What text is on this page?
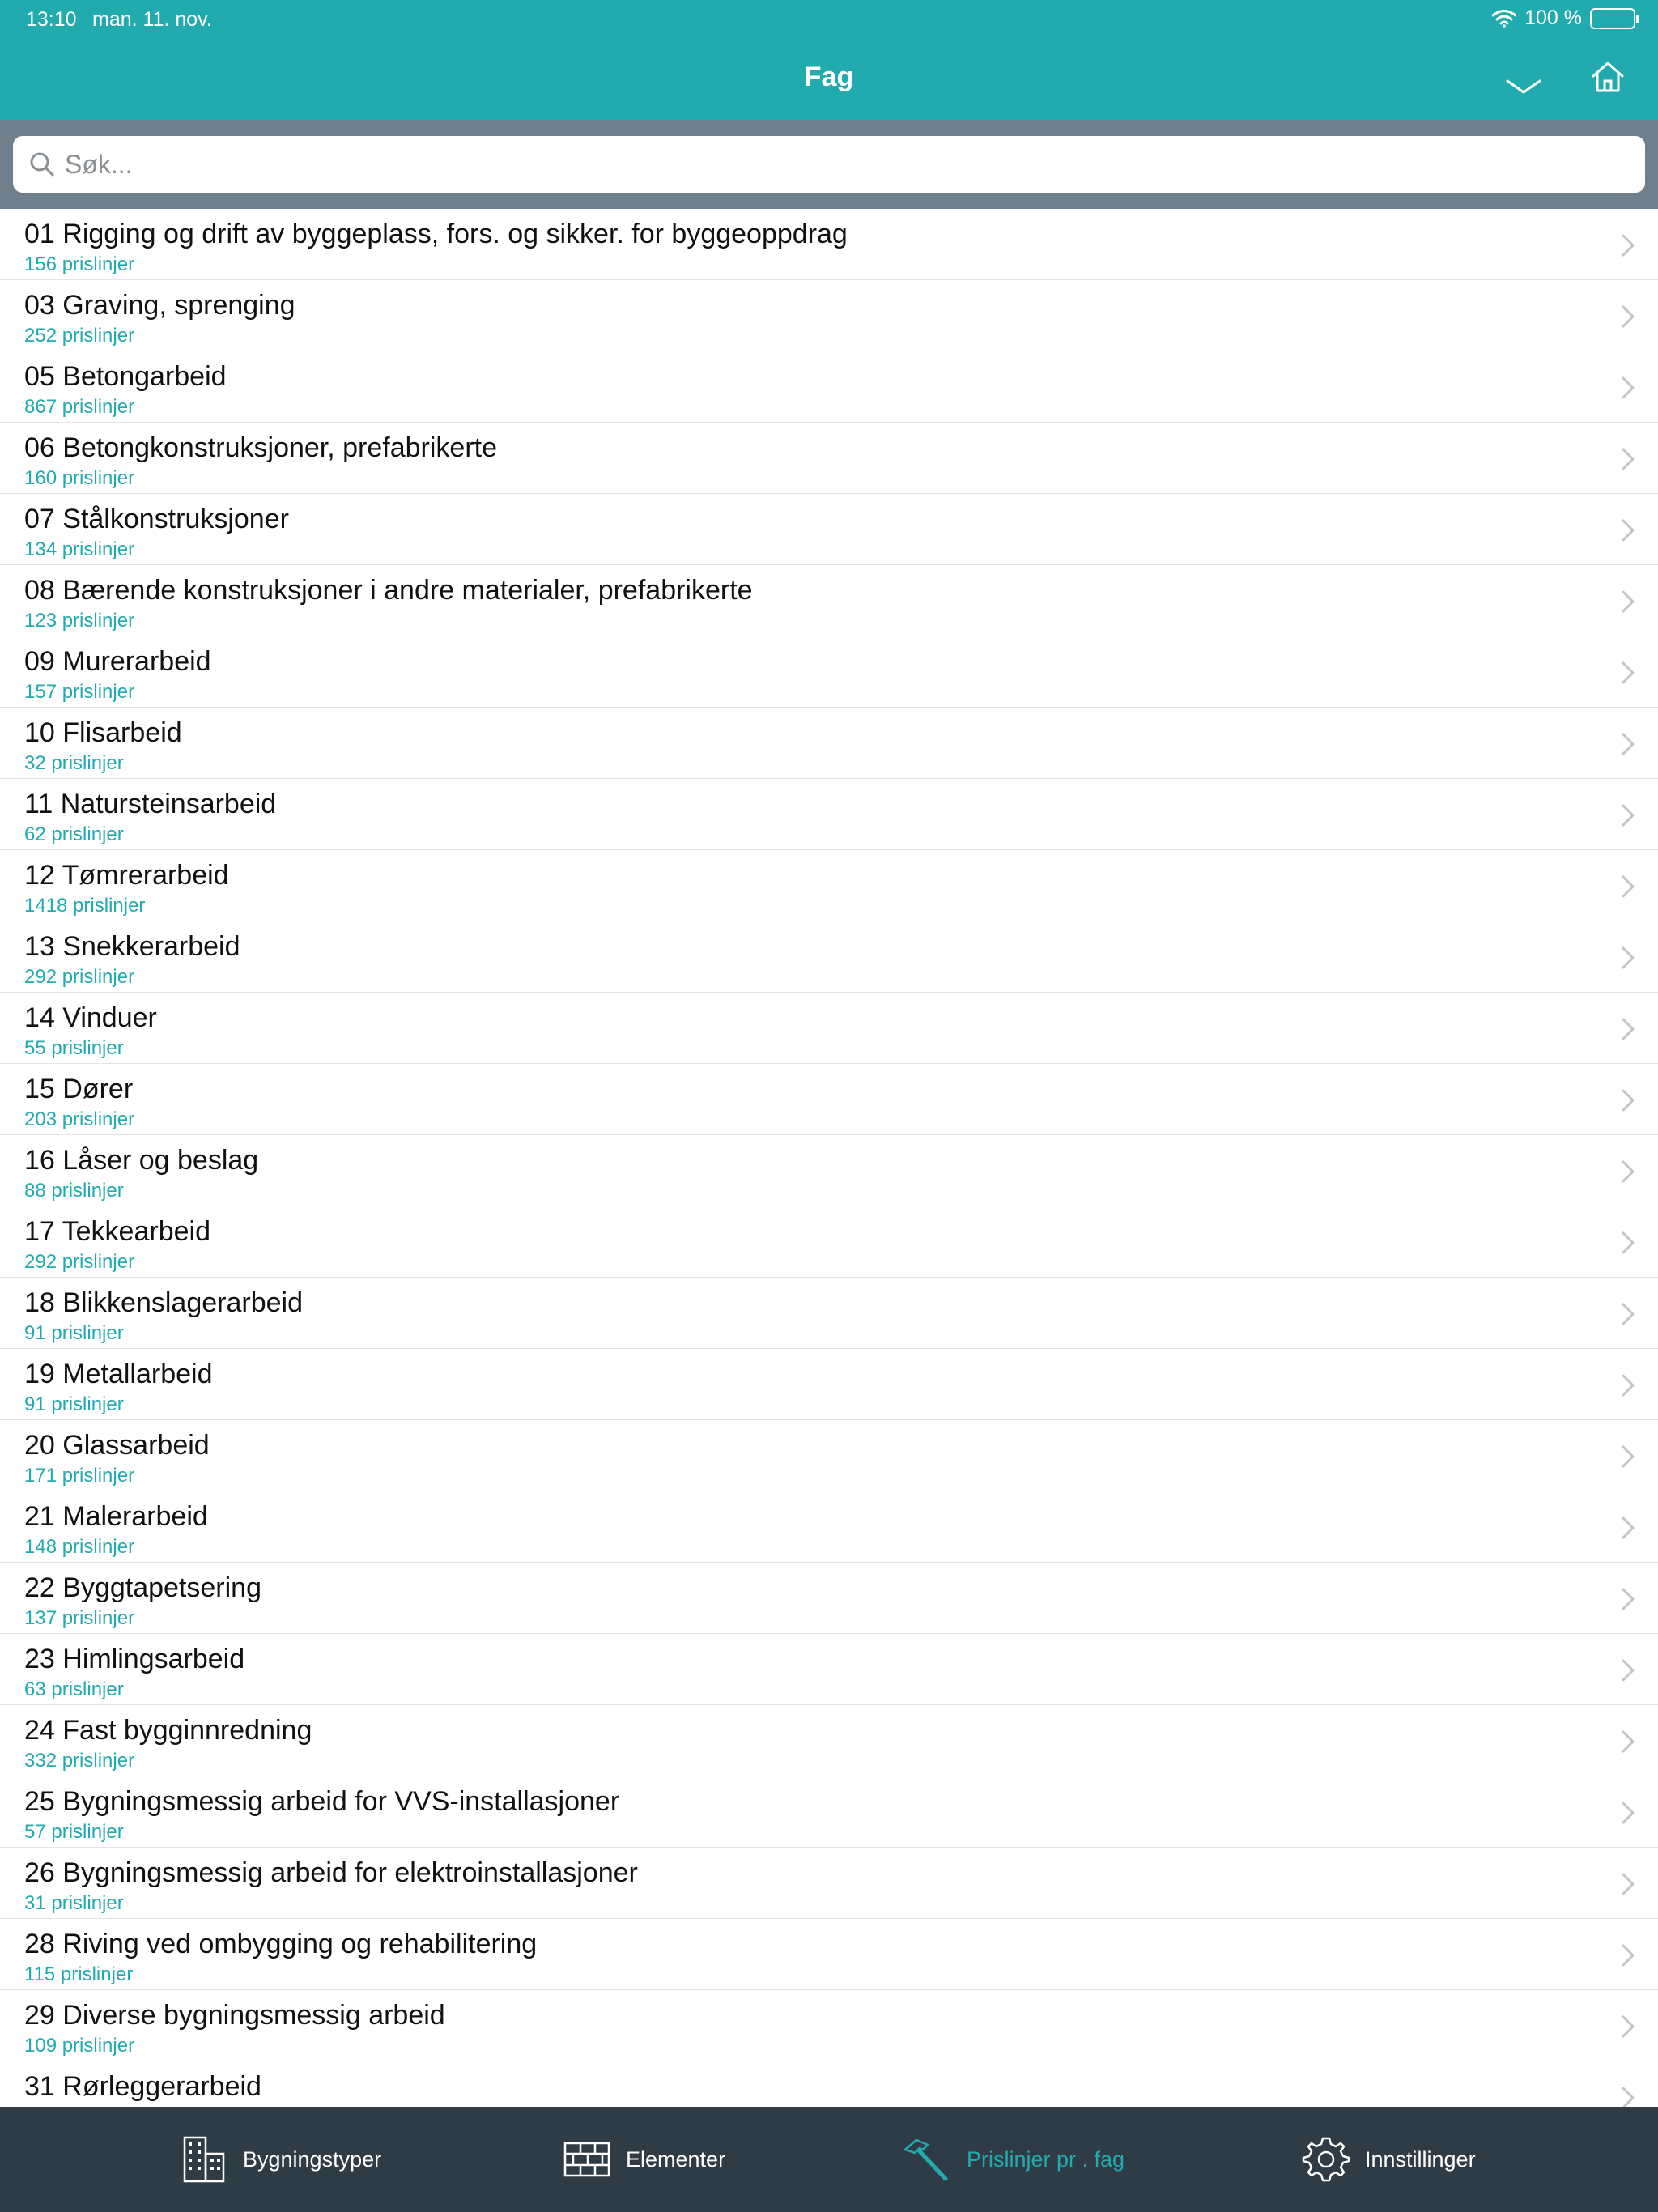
13:10 man. 11. nov.	100 %
Fag
Søk...
01 Rigging og drift av byggeplass, fors. og sikker. for byggeoppdrag
156 prislinjer
03 Graving, sprenging
252 prislinjer
05 Betongarbeid
867 prislinjer
06 Betongkonstruksjoner, prefabrikerte
160 prislinjer
07 Stålkonstruksjoner
134 prislinjer
08 Bærende konstruksjoner i andre materialer, prefabrikerte
123 prislinjer
09 Murerarbeid
157 prislinjer
10 Flisarbeid
32 prislinjer
11 Natursteinsarbeid
62 prislinjer
12 Tømrerarbeid
1418 prislinjer
13 Snekkerarbeid
292 prislinjer
14 Vinduer
55 prislinjer
15 Dører
203 prislinjer
16 Låser og beslag
88 prislinjer
17 Tekkearbeid
292 prislinjer
18 Blikkenslagerarbeid
91 prislinjer
19 Metallarbeid
91 prislinjer
20 Glassarbeid
171 prislinjer
21 Malerarbeid
148 prislinjer
22 Byggtapetsering
137 prislinjer
23 Himlingsarbeid
63 prislinjer
24 Fast bygginnredning
332 prislinjer
25 Bygningsmessig arbeid for VVS-installasjoner
57 prislinjer
26 Bygningsmessig arbeid for elektroinstallasjoner
31 prislinjer
28 Riving ved ombygging og rehabilitering
115 prislinjer
29 Diverse bygningsmessig arbeid
109 prislinjer
31 Rørleggerarbeid
Bygningstyper	Elementer	Prislinjer pr . fag	Innstillinger
